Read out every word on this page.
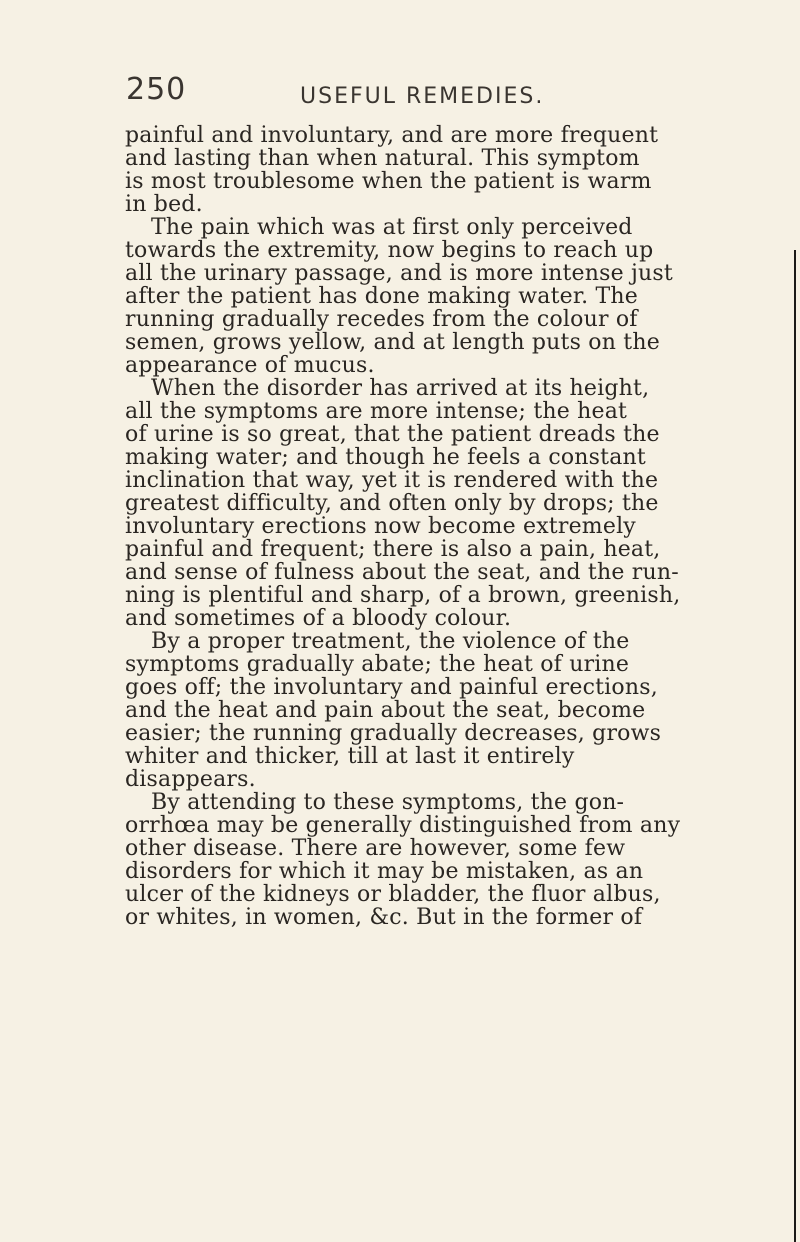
250	USEFUL REMEDIES.
painful and involuntary, and are more frequent
and lasting than when natural. This symptom
is most troublesome when the patient is warm
in bed.
The pain which was at first only perceived
towards the extremity, now begins to reach up
all the urinary passage, and is more intense just
after the patient has done making water. The
running gradually recedes from the colour of
semen, grows yellow, and at length puts on the
appearance of mucus.
When the disorder has arrived at its height,
all the symptoms are more intense; the heat
of urine is so great, that the patient dreads the
making water; and though he feels a constant
inclination that way, yet it is rendered with the
greatest difficulty, and often only by drops; the
involuntary erections now become extremely
painful and frequent; there is also a pain, heat,
and sense of fulness about the seat, and the run-
ning is plentiful and sharp, of a brown, greenish,
and sometimes of a bloody colour.
By a proper treatment, the violence of the
symptoms gradually abate; the heat of urine
goes off; the involuntary and painful erections,
and the heat and pain about the seat, become
easier; the running gradually decreases, grows
whiter and thicker, till at last it entirely
disappears.
By attending to these symptoms, the gon-
orrhœa may be generally distinguished from any
other disease. There are however, some few
disorders for which it may be mistaken, as an
ulcer of the kidneys or bladder, the fluor albus,
or whites, in women, &c. But in the former of
